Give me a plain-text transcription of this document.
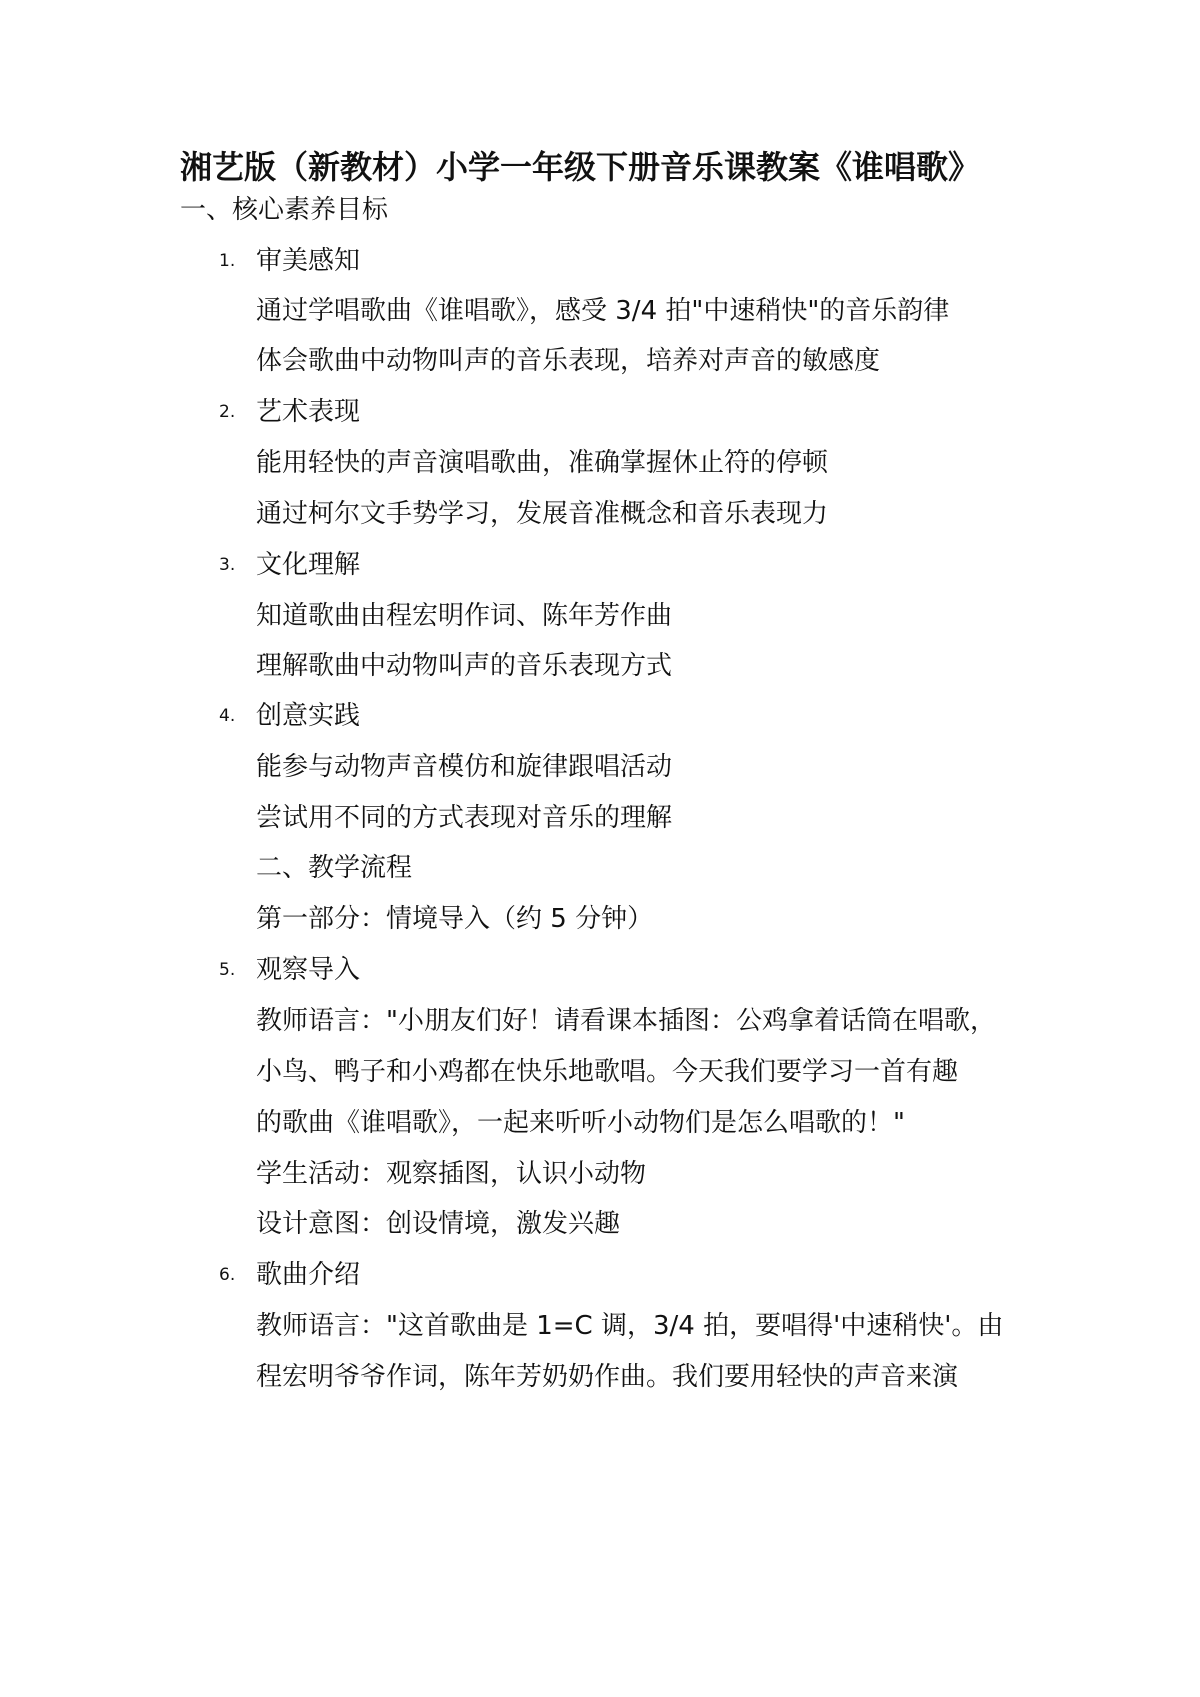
湘艺版（新教材）小学一年级下册音乐课教案《谁唱歌》
一、核心素养目标
1. 审美感知
通过学唱歌曲《谁唱歌》，感受 3/4 拍"中速稍快"的音乐韵律
体会歌曲中动物叫声的音乐表现，培养对声音的敏感度
2. 艺术表现
能用轻快的声音演唱歌曲，准确掌握休止符的停顿
通过柯尔文手势学习，发展音准概念和音乐表现力
3. 文化理解
知道歌曲由程宏明作词、陈年芳作曲
理解歌曲中动物叫声的音乐表现方式
4. 创意实践
能参与动物声音模仿和旋律跟唱活动
尝试用不同的方式表现对音乐的理解
二、教学流程
第一部分：情境导入（约 5 分钟）
5. 观察导入
教师语言："小朋友们好！请看课本插图：公鸡拿着话筒在唱歌，
小鸟、鸭子和小鸡都在快乐地歌唱。今天我们要学习一首有趣
的歌曲《谁唱歌》，一起来听听小动物们是怎么唱歌的！"
学生活动：观察插图，认识小动物
设计意图：创设情境，激发兴趣
6. 歌曲介绍
教师语言："这首歌曲是 1=C 调，3/4 拍，要唱得'中速稍快'。由
程宏明爷爷作词，陈年芳奶奶作曲。我们要用轻快的声音来演
